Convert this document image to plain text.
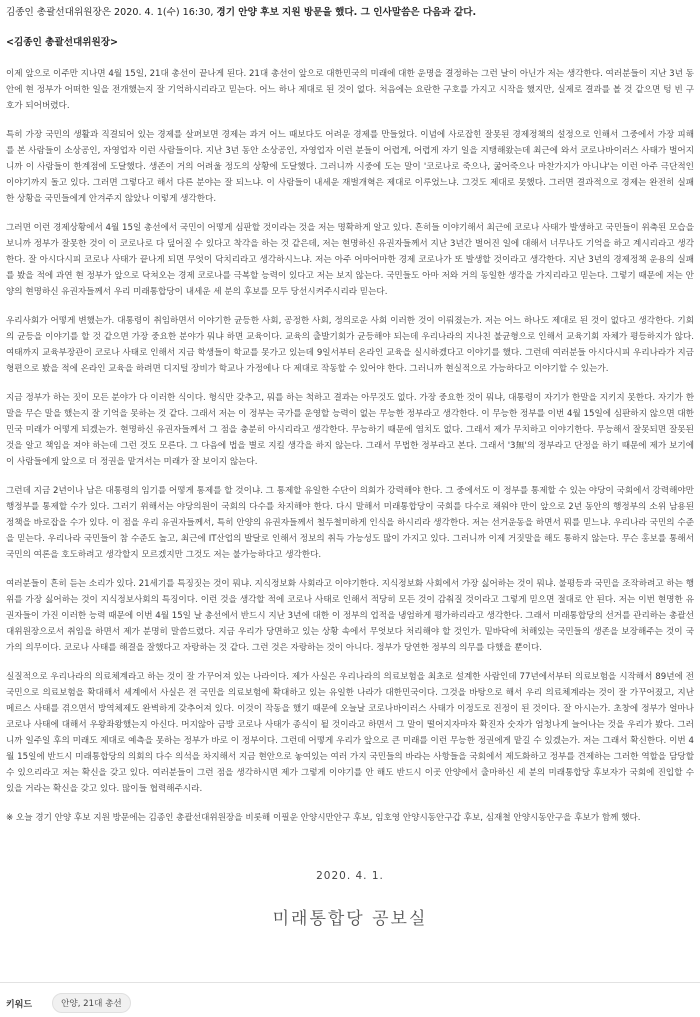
김종인 총괄선대위원장은 2020. 4. 1(수) 16:30, 경기 안양 후보 지원 방문을 했다. 그 인사말씀은 다음과 같다.
<김종인 총괄선대위원장>

이제 앞으로 이주만 지나면 4월 15일, 21대 총선이 끝나게 된다. 21대 총선이 앞으로 대한민국의 미래에 대한 운명을 결정하는 그런 날이 아닌가 저는 생각한다. 여러분들이 지난 3년 동안에 현 정부가 어떠한 일을 전개했는지 잘 기억하시리라고 믿는다. 어느 하나 제대로 된 것이 없다. 처음에는 요란한 구호를 가지고 시작을 했지만, 실제로 결과를 볼 것 같으면 텅 빈 구호가 되어버렸다.

특히 가장 국민의 생활과 직결되어 있는 경제를 살펴보면 경제는 과거 어느 때보다도 어려운 경제를 만들었다. 이념에 사로잡힌 잘못된 경제정책의 설정으로 인해서 그중에서 가장 피해를 본 사람들이 소상공인, 자영업자 이런 사람들이다. 지난 3년 동안 소상공인, 자영업자 이런 분들이 어렵게, 어렵게 자기 일을 지탱해왔는데 최근에 와서 코로나바이러스 사태가 벌어지니까 이 사람들이 한계점에 도달했다. 생존이 거의 어려울 정도의 상황에 도달했다. 그러니까 시중에 도는 말이 '코로나로 죽으나, 굶어죽으나 마찬가지가 아니냐'는 이런 아주 극단적인 이야기까지 돌고 있다. 그러면 그렇다고 해서 다른 분야는 잘 되느냐. 이 사람들이 내세운 재벌개혁은 제대로 이루었느냐. 그것도 제대로 못했다. 그러면 결과적으로 경제는 완전히 실패한 상황을 국민들에게 안겨주지 않았나 이렇게 생각한다.

그러면 이런 경제상황에서 4월 15일 총선에서 국민이 어떻게 심판할 것이라는 것을 저는 명확하게 알고 있다. 흔히들 이야기해서 최근에 코로나 사태가 발생하고 국민들이 위축된 모습을 보니까 정부가 잘못한 것이 이 코로나로 다 덮어질 수 있다고 착각을 하는 것 같은데, 저는 현명하신 유권자들께서 지난 3년간 벌어진 일에 대해서 너무나도 기억을 하고 계시리라고 생각한다. 잘 아시다시피 코로나 사태가 끝나게 되면 무엇이 닥치리라고 생각하시느냐. 저는 아주 어마어마한 경제 코로나가 또 발생할 것이라고 생각한다. 지난 3년의 경제정책 운용의 실패를 봤을 적에 과연 현 정부가 앞으로 닥쳐오는 경제 코로나를 극복할 능력이 있다고 저는 보지 않는다. 국민들도 아마 저와 거의 동일한 생각을 가지리라고 믿는다. 그렇기 때문에 저는 안양의 현명하신 유권자들께서 우리 미래통합당이 내세운 세 분의 후보를 모두 당선시켜주시리라 믿는다.

우리사회가 어떻게 변했는가. 대통령이 취임하면서 이야기한 균등한 사회, 공정한 사회, 정의로운 사회 이러한 것이 이뤄졌는가. 저는 어느 하나도 제대로 된 것이 없다고 생각한다. 기회의 균등을 이야기를 할 것 같으면 가장 중요한 분야가 뭐냐 하면 교육이다. 교육의 출발기회가 균등해야 되는데 우리나라의 지나친 불균형으로 인해서 교육기회 자체가 평등하지가 않다. 여태까지 교육부장관이 코로나 사태로 인해서 지금 학생들이 학교를 못가고 있는데 9일서부터 온라인 교육을 실시하겠다고 이야기를 했다. 그런데 여러분들 아시다시피 우리나라가 지금 형편으로 봤을 적에 온라인 교육을 하려면 디지털 장비가 학교나 가정에나 다 제대로 작동할 수 있어야 한다. 그러니까 현실적으로 가능하다고 이야기할 수 있는가.

지금 정부가 하는 짓이 모든 분야가 다 이러한 식이다. 형식만 갖추고, 뭐를 하는 척하고 결과는 아무것도 없다. 가장 중요한 것이 뭐냐, 대통령이 자기가 한말을 지키지 못한다. 자기가 한 말을 무슨 말을 했는지 잘 기억을 못하는 것 같다. 그래서 저는 이 정부는 국가를 운영할 능력이 없는 무능한 정부라고 생각한다. 이 무능한 정부를 이번 4월 15일에 심판하지 않으면 대한민국 미래가 어떻게 되겠는가. 현명하신 유권자들께서 그 점을 충분히 아시리라고 생각한다. 무능하기 때문에 염치도 없다. 그래서 제가 무치하고 이야기한다. 무능해서 잘못되면 잘못된 것을 알고 책임을 져야 하는데 그런 것도 모른다. 그 다음에 법을 별로 지킬 생각을 하지 않는다. 그래서 무법한 정부라고 본다. 그래서 '3無'의 정부라고 단정을 하기 때문에 제가 보기에 이 사람들에게 앞으로 더 정권을 맡겨서는 미래가 잘 보이지 않는다.

그런데 지금 2년이나 남은 대통령의 임기를 어떻게 통제를 할 것이냐. 그 통제할 유일한 수단이 의회가 강력해야 한다. 그 중에서도 이 정부를 통제할 수 있는 야당이 국회에서 강력해야만 행정부를 통제할 수가 있다. 그러기 위해서는 야당의원이 국회의 다수를 차지해야 한다. 다시 말해서 미래통합당이 국회를 다수로 채워야 만이 앞으로 2년 동안의 행정부의 소위 남용된 정책을 바로잡을 수가 있다. 이 점을 우리 유권자들께서, 특히 안양의 유권자들께서 철두철미하게 인식을 하시리라 생각한다. 저는 선거운동을 하면서 뭐를 믿느냐. 우리나라 국민의 수준을 믿는다. 우리나라 국민들이 참 수준도 높고, 최근에 IT산업의 발달로 인해서 정보의 취득 가능성도 많이 가지고 있다. 그러니까 이제 거짓말을 해도 통하지 않는다. 무슨 홍보를 통해서 국민의 여론을 호도하려고 생각할지 모르겠지만 그것도 저는 불가능하다고 생각한다.

여러분들이 흔히 듣는 소리가 있다. 21세기를 특징짓는 것이 뭐냐. 지식정보화 사회라고 이야기한다. 지식정보화 사회에서 가장 싫어하는 것이 뭐냐. 불평등과 국민을 조작하려고 하는 행위를 가장 싫어하는 것이 지식정보사회의 특징이다. 이런 것을 생각할 적에 코로나 사태로 인해서 적당히 모든 것이 감춰질 것이라고 그렇게 믿으면 절대로 안 된다. 저는 이번 현명한 유권자들이 가진 이러한 능력 때문에 이번 4월 15일 날 총선에서 반드시 지난 3년에 대한 이 정부의 업적을 냉엄하게 평가하리라고 생각한다. 그래서 미래통합당의 선거를 관리하는 총괄선대위원장으로서 취임을 하면서 제가 분명히 말씀드렸다. 지금 우리가 당면하고 있는 상황 속에서 무엇보다 처리해야 할 것인가. 밑바닥에 처해있는 국민들의 생존을 보장해주는 것이 국가의 의무이다. 코로나 사태를 해결을 잘했다고 자랑하는 것 같다. 그런 것은 자랑하는 것이 아니다. 정부가 당연한 정부의 의무를 다했을 뿐이다.

실질적으로 우리나라의 의료체계라고 하는 것이 잘 가꾸어져 있는 나라이다. 제가 사실은 우리나라의 의료보험을 최초로 설계한 사람인데 77년에서부터 의료보험을 시작해서 89년에 전 국민으로 의료보험을 확대해서 세계에서 사실은 전 국민을 의료보험에 확대하고 있는 유일한 나라가 대한민국이다. 그것을 바탕으로 해서 우리 의료체계라는 것이 잘 가꾸어졌고, 지난 메르스 사태를 겪으면서 방역체제도 완벽하게 갖추어져 있다. 이것이 작동을 했기 때문에 오늘날 코로나바이러스 사태가 이정도로 진정이 된 것이다. 잘 아시는가. 초창에 정부가 얼마나 코로나 사태에 대해서 우왕좌왕했는지 아신다. 머지않아 금방 코로나 사태가 종식이 될 것이라고 하면서 그 말이 떨어지자마자 확진자 숫자가 엄청나게 늘어나는 것을 우리가 봤다. 그러니까 일주일 후의 미래도 제대로 예측을 못하는 정부가 바로 이 정부이다. 그런데 어떻게 우리가 앞으로 큰 미래를 이런 무능한 정권에게 맡길 수 있겠는가. 저는 그래서 확신한다. 이번 4월 15일에 반드시 미래통합당의 의회의 다수 의석을 차지해서 지금 현안으로 놓여있는 여러 가지 국민들의 바라는 사항들을 국회에서 제도화하고 정부를 견제하는 그러한 역할을 담당할 수 있으리라고 저는 확신을 갖고 있다. 여러분들이 그런 점을 생각하시면 제가 그렇게 이야기를 안 해도 반드시 이곳 안양에서 출마하신 세 분의 미래통합당 후보자가 국회에 진입할 수 있을 거라는 확신을 갖고 있다. 많이들 협력해주시라.

※ 오늘 경기 안양 후보 지원 방문에는 김종인 총괄선대위원장을 비롯해 이필운 안양시만안구 후보, 임호영 안양시동안구갑 후보, 심재철 안양시동안구을 후보가 함께 했다.

2020. 4. 1.
미래통합당 공보실
키워드	안양, 21대 총선
